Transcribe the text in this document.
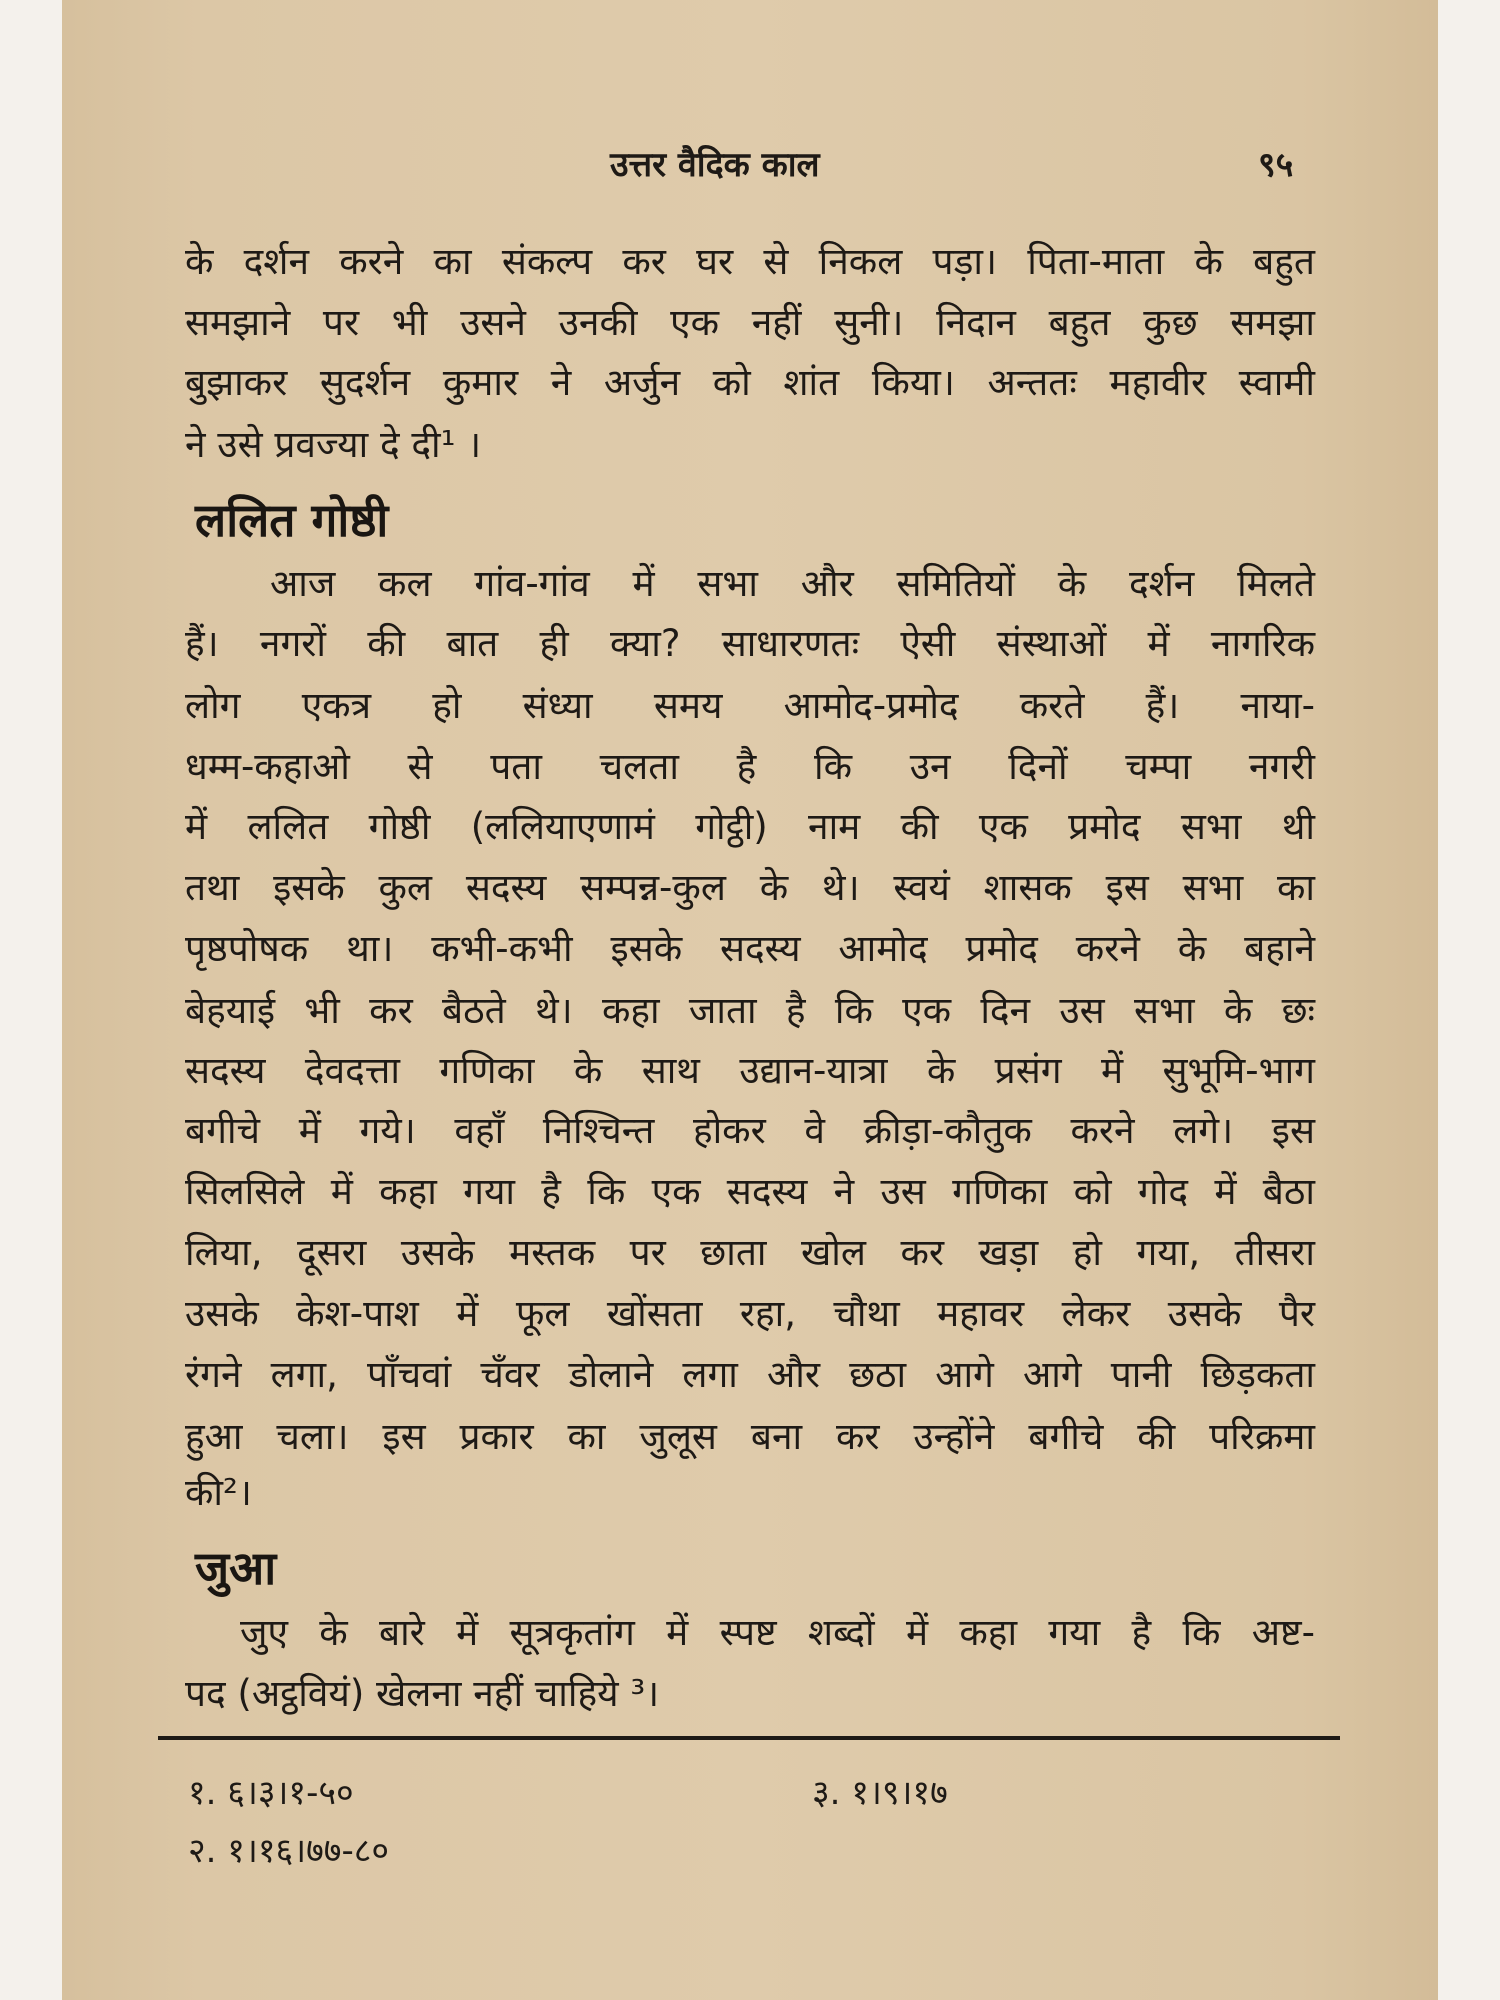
उत्तर वैदिक काल	९५
के दर्शन करने का संकल्प कर घर से निकल पड़ा। पिता-माता के बहुत
समझाने पर भी उसने उनकी एक नहीं सुनी। निदान बहुत कुछ समझा
बुझाकर सुदर्शन कुमार ने अर्जुन को शांत किया। अन्ततः महावीर स्वामी
ने उसे प्रवज्या दे दी¹ ।
ललित गोष्ठी
आज कल गांव-गांव में सभा और समितियों के दर्शन मिलते
हैं। नगरों की बात ही क्या? साधारणतः ऐसी संस्थाओं में नागरिक
लोग एकत्र हो संध्या समय आमोद-प्रमोद करते हैं। नाया-
धम्म-कहाओ से पता चलता है कि उन दिनों चम्पा नगरी
में ललित गोष्ठी (ललियाएणामं गोट्ठी) नाम की एक प्रमोद सभा थी
तथा इसके कुल सदस्य सम्पन्न-कुल के थे। स्वयं शासक इस सभा का
पृष्ठपोषक था। कभी-कभी इसके सदस्य आमोद प्रमोद करने के बहाने
बेहयाई भी कर बैठते थे। कहा जाता है कि एक दिन उस सभा के छः
सदस्य देवदत्ता गणिका के साथ उद्यान-यात्रा के प्रसंग में सुभूमि-भाग
बगीचे में गये। वहाँ निश्चिन्त होकर वे क्रीड़ा-कौतुक करने लगे। इस
सिलसिले में कहा गया है कि एक सदस्य ने उस गणिका को गोद में बैठा
लिया, दूसरा उसके मस्तक पर छाता खोल कर खड़ा हो गया, तीसरा
उसके केश-पाश में फूल खोंसता रहा, चौथा महावर लेकर उसके पैर
रंगने लगा, पाँचवां चँवर डोलाने लगा और छठा आगे आगे पानी छिड़कता
हुआ चला। इस प्रकार का जुलूस बना कर उन्होंने बगीचे की परिक्रमा
की²।
जुआ
जुए के बारे में सूत्रकृतांग में स्पष्ट शब्दों में कहा गया है कि अष्ट-
पद (अट्ठवियं) खेलना नहीं चाहिये ³।
१. ६।३।१-५०
२. १।१६।७७-८०
३. १।९।१७
